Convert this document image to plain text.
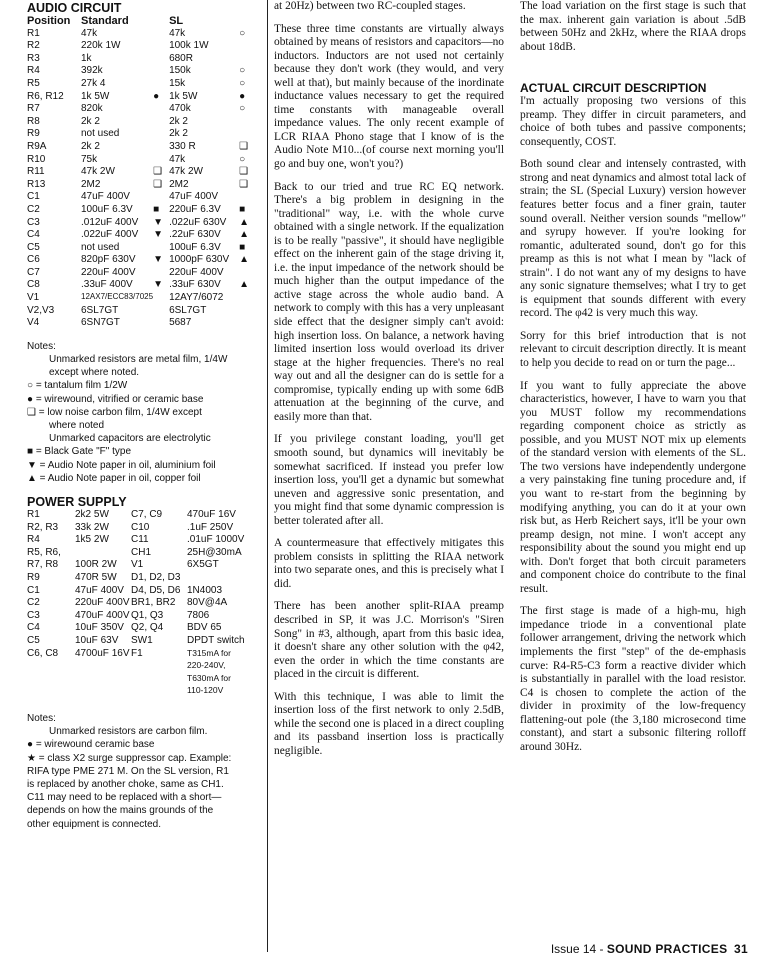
AUDIO CIRCUIT
Position	Standard		SL	
R1	47k		47k	○
R2	220k 1W		100k 1W	
R3	1k		680R	
R4	392k		150k	○
R5	27k 4		15k	○
R6, R12	1k 5W	●	1k 5W	●
R7	820k		470k	○
R8	2k 2		2k 2	
R9	not used		2k 2	
R9A	2k 2		330 R	❑
R10	75k		47k	○
R11	47k 2W	❑	47k 2W	❑
R13	2M2	❑	2M2	❑
C1	47uF 400V		47uF 400V	
C2	100uF 6.3V	■	220uF 6.3V	■
C3	.012uF 400V	▼	.022uF 630V	▲
C4	.022uF 400V	▼	.22uF 630V	▲
C5	not used		100uF 6.3V	■
C6	820pF 630V	▼	1000pF 630V	▲
C7	220uF 400V		220uF 400V	
C8	.33uF 400V	▼	.33uF 630V	▲
V1	12AX7/ECC83/7025		12AY7/6072	
V2,V3	6SL7GT		6SL7GT	
V4	6SN7GT		5687	
Notes:
Unmarked resistors are metal film, 1/4W
except where noted.
○ = tantalum film 1/2W
● = wirewound, vitrified or ceramic base
❑ = low noise carbon film, 1/4W except
where noted
Unmarked capacitors are electrolytic
■ = Black Gate "F" type
▼ = Audio Note paper in oil, aluminium foil
▲ = Audio Note paper in oil, copper foil
POWER SUPPLY
R1	2k2 5W	C7, C9	470uF 16V
R2, R3	33k 2W	C10	.1uF 250V
R4	1k5 2W	C11	.01uF 1000V
R5, R6,		CH1	25H@30mA
R7, R8	100R 2W	V1	6X5GT
R9	470R 5W	D1, D2, D3	
C1	47uF 400V	D4, D5, D6	1N4003
C2	220uF 400V	BR1, BR2	80V@4A
C3	470uF 400V	Q1, Q3	7806
C4	10uF 350V	Q2, Q4	BDV 65
C5	10uF 63V	SW1	DPDT switch
C6, C8	4700uF 16V	F1	T315mA for
			220-240V,
			T630mA for
			110-120V
Notes:
Unmarked resistors are carbon film.
● = wirewound ceramic base
★ = class X2 surge suppressor cap. Example:
RIFA type PME 271 M. On the SL version, R1
is replaced by another choke, same as CH1.
C11 may need to be replaced with a short—
depends on how the mains grounds of the
other equipment is connected.

at 20Hz) between two RC-coupled stages.

These three time constants are virtually always obtained by means of resistors and capacitors—no inductors. Inductors are not used not certainly because they don't work (they would, and very well at that), but mainly because of the inordinate inductance values necessary to get the required time constants with manageable overall impedance values. The only recent example of LCR RIAA Phono stage that I know of is the Audio Note M10...(of course next morning you'll go and buy one, won't you?)

Back to our tried and true RC EQ network. There's a big problem in designing in the "traditional" way, i.e. with the whole curve obtained with a single network. If the equalization is to be really "passive", it should have negligible effect on the inherent gain of the stage driving it, i.e. the input impedance of the network should be much higher than the output impedance of the active stage across the whole audio band. A network to comply with this has a very unpleasant side effect that the designer simply can't avoid: high insertion loss. On balance, a network having limited insertion loss would overload its driver stage at the higher frequencies. There's no real way out and all the designer can do is settle for a compromise, typically ending up with some 6dB attenuation at the beginning of the curve, and easily more than that.

If you privilege constant loading, you'll get smooth sound, but dynamics will inevitably be somewhat sacrificed. If instead you prefer low insertion loss, you'll get a dynamic but somewhat uneven and aggressive sonic presentation, and you might find that some dynamic compression is better tolerated after all.

A countermeasure that effectively mitigates this problem consists in splitting the RIAA network into two separate ones, and this is precisely what I did.

There has been another split-RIAA preamp described in SP, it was J.C. Morrison's "Siren Song" in #3, although, apart from this basic idea, it doesn't share any other solution with the φ42, even the order in which the time constants are placed in the circuit is different.

With this technique, I was able to limit the insertion loss of the first network to only 2.5dB, while the second one is placed in a direct coupling and its passband insertion loss is practically negligible.

The load variation on the first stage is such that the max. inherent gain variation is about .5dB between 50Hz and 2kHz, where the RIAA drops about 18dB.

ACTUAL CIRCUIT DESCRIPTION

I'm actually proposing two versions of this preamp. They differ in circuit parameters, and choice of both tubes and passive components; consequently, COST.

Both sound clear and intensely contrasted, with strong and neat dynamics and almost total lack of strain; the SL (Special Luxury) version however features better focus and a finer grain, tauter sound overall. Neither version sounds "mellow" and syrupy however. If you're looking for romantic, adulterated sound, don't go for this preamp as this is not what I mean by "lack of strain". I do not want any of my designs to have any sonic signature themselves; what I try to get is equipment that sounds different with every record. The φ42 is very much this way.

Sorry for this brief introduction that is not relevant to circuit description directly. It is meant to help you decide to read on or turn the page...

If you want to fully appreciate the above characteristics, however, I have to warn you that you MUST follow my recommendations regarding component choice as strictly as possible, and you MUST NOT mix up elements of the standard version with elements of the SL. The two versions have independently undergone a very painstaking fine tuning procedure and, if you want to re-start from the beginning by modifying anything, you can do it at your own risk but, as Herb Reichert says, it'll be your own preamp design, not mine. I won't accept any responsibility about the sound you might end up with. Don't forget that both circuit parameters and component choice do contribute to the final result.

The first stage is made of a high-mu, high impedance triode in a conventional plate follower arrangement, driving the network which implements the first "step" of the de-emphasis curve: R4-R5-C3 form a reactive divider which is substantially in parallel with the load resistor. C4 is chosen to complete the action of the divider in proximity of the low-frequency flattening-out pole (the 3,180 microsecond time constant), and start a subsonic filtering rolloff around 30Hz.

Issue 14 - SOUND PRACTICES 31
